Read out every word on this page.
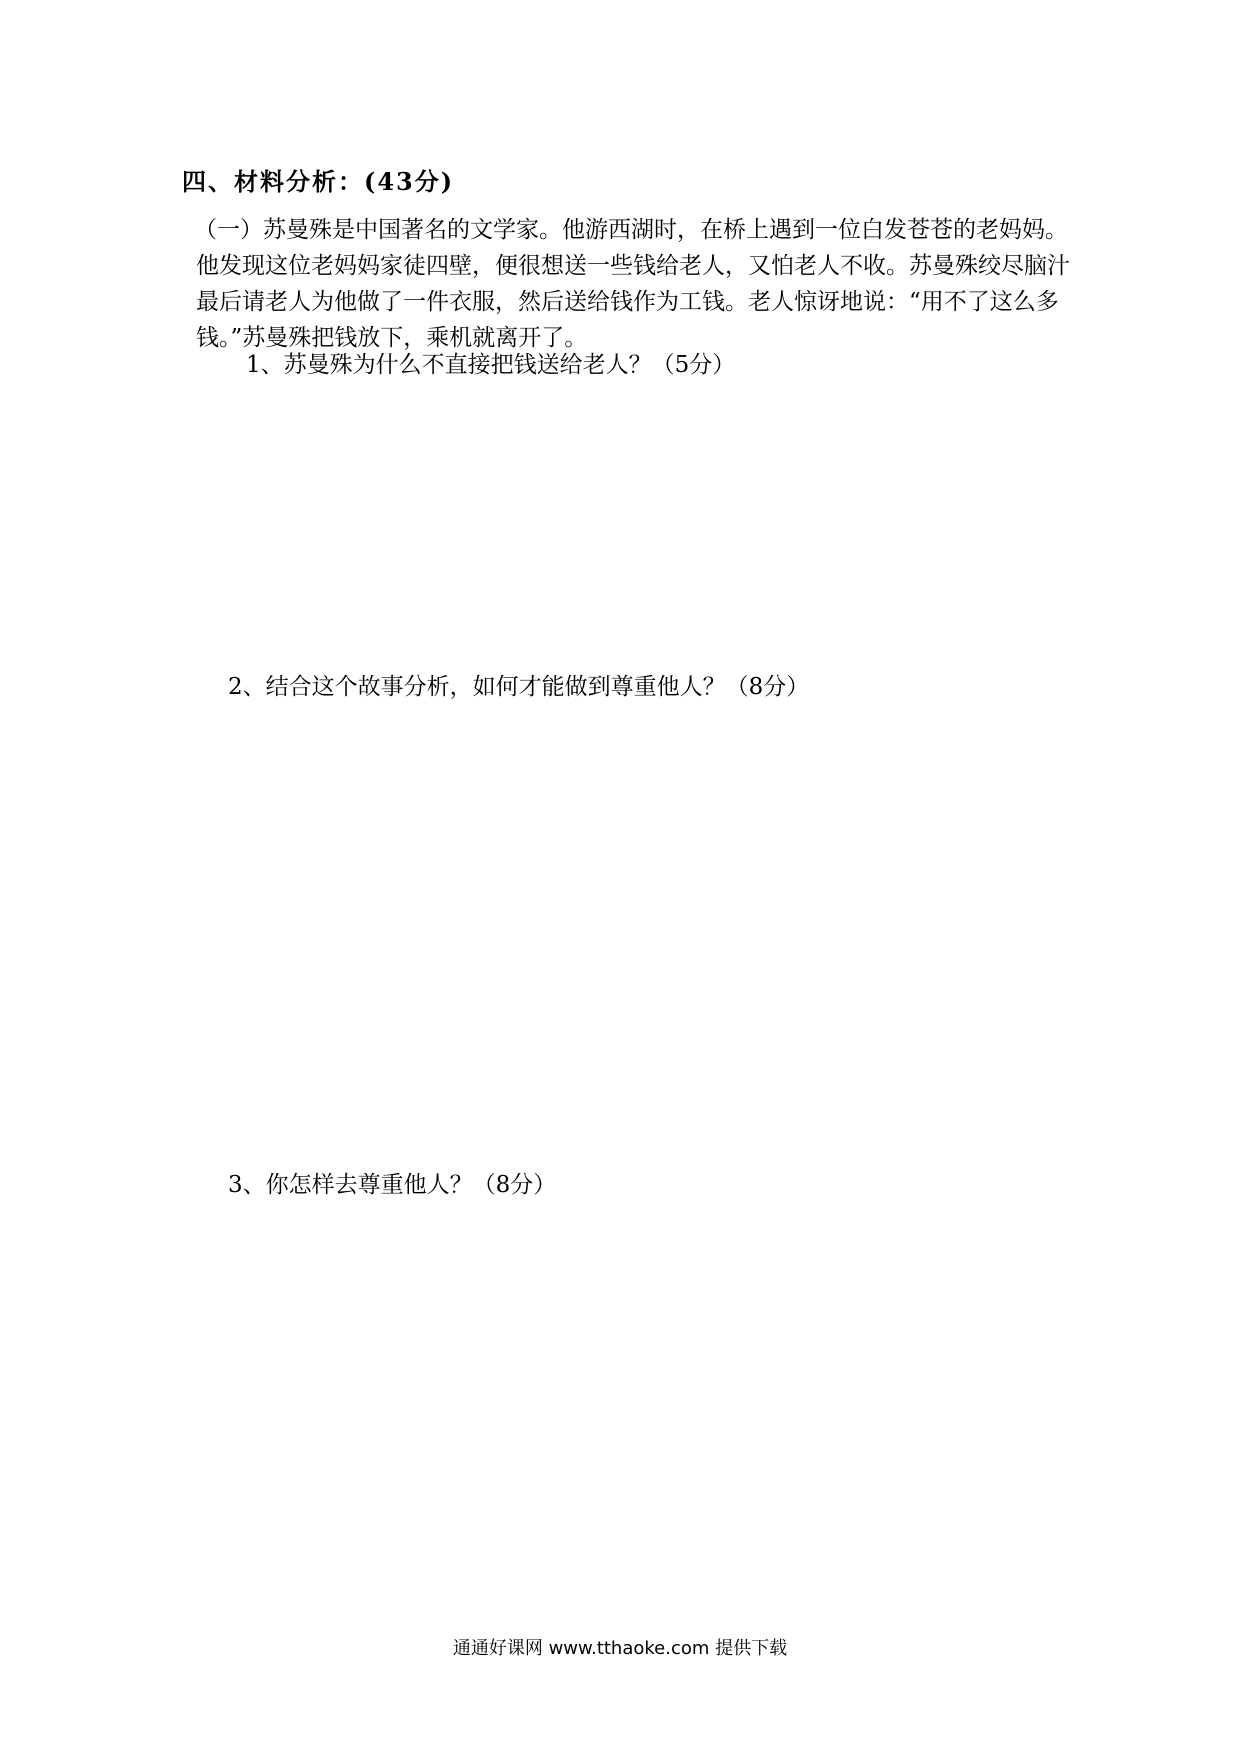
四、材料分析：(43分)

（一）苏曼殊是中国著名的文学家。他游西湖时，在桥上遇到一位白发苍苍的老妈妈。他发现这位老妈妈家徒四壁，便很想送一些钱给老人，又怕老人不收。苏曼殊绞尽脑汁最后请老人为他做了一件衣服，然后送给钱作为工钱。老人惊讶地说：“用不了这么多钱。”苏曼殊把钱放下，乘机就离开了。

1、苏曼殊为什么不直接把钱送给老人？（5分）
2、结合这个故事分析，如何才能做到尊重他人？（8分）
3、你怎样去尊重他人？（8分）
通通好课网 www.tthaoke.com 提供下载
